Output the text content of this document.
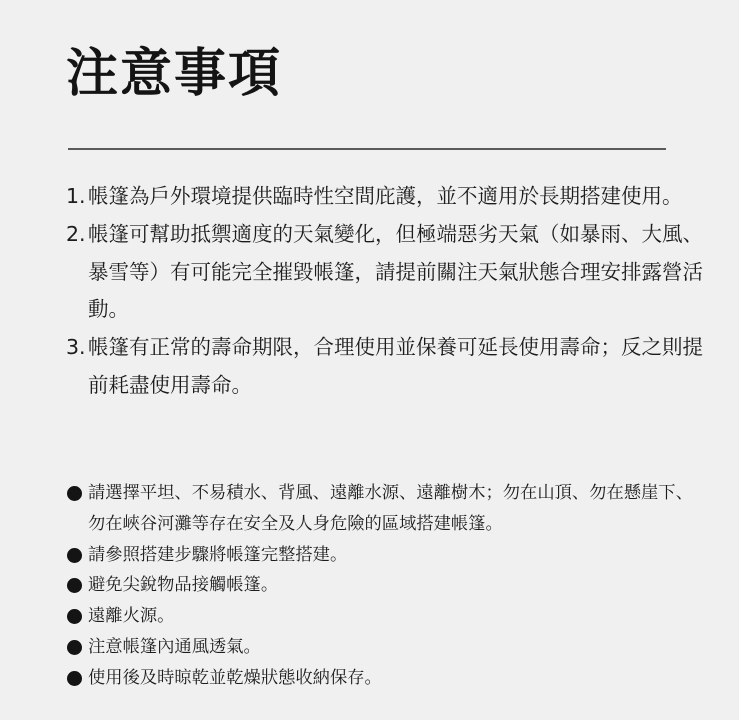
注意事項
1. 帳篷為戶外環境提供臨時性空間庇護，並不適用於長期搭建使用。
2. 帳篷可幫助抵禦適度的天氣變化，但極端惡劣天氣（如暴雨、大風、暴雪等）有可能完全摧毀帳篷，請提前關注天氣狀態合理安排露營活動。
3. 帳篷有正常的壽命期限，合理使用並保養可延長使用壽命；反之則提前耗盡使用壽命。
請選擇平坦、不易積水、背風、遠離水源、遠離樹木；勿在山頂、勿在懸崖下、勿在峽谷河灘等存在安全及人身危險的區域搭建帳篷。
請參照搭建步驟將帳篷完整搭建。
避免尖銳物品接觸帳篷。
遠離火源。
注意帳篷內通風透氣。
使用後及時晾乾並乾燥狀態收納保存。
